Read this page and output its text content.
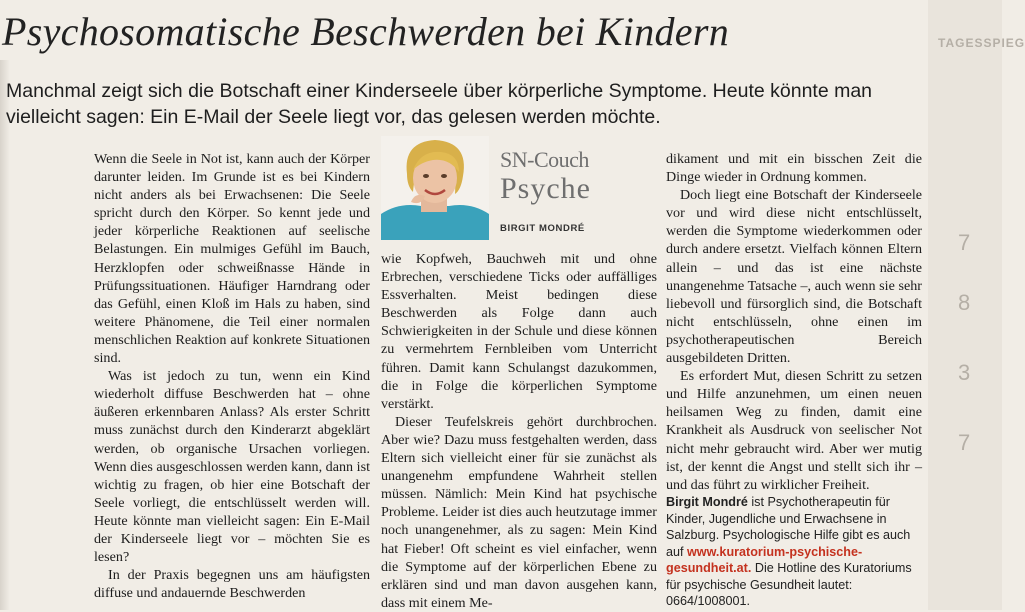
TAGESSPIEG
7
8
3
7
Psychosomatische Beschwerden bei Kindern

Manchmal zeigt sich die Botschaft einer Kinderseele über körperliche Symptome. Heute könnte man vielleicht sagen: Ein E-Mail der Seele liegt vor, das gelesen werden möchte.

Wenn die Seele in Not ist, kann auch der Körper darunter leiden. Im Grunde ist es bei Kindern nicht anders als bei Erwachsenen: Die Seele spricht durch den Körper. So kennt jede und jeder körperliche Reaktionen auf seelische Belastungen. Ein mulmiges Gefühl im Bauch, Herzklopfen oder schweißnasse Hände in Prüfungssituationen. Häufiger Harndrang oder das Gefühl, einen Kloß im Hals zu haben, sind weitere Phänomene, die Teil einer normalen menschlichen Reaktion auf konkrete Situationen sind.

Was ist jedoch zu tun, wenn ein Kind wiederholt diffuse Beschwerden hat – ohne äußeren erkennbaren Anlass? Als erster Schritt muss zunächst durch den Kinderarzt abgeklärt werden, ob organische Ursachen vorliegen. Wenn dies ausgeschlossen werden kann, dann ist wichtig zu fragen, ob hier eine Botschaft der Seele vorliegt, die entschlüsselt werden will. Heute könnte man vielleicht sagen: Ein E-Mail der Kinderseele liegt vor – möchten Sie es lesen?

In der Praxis begegnen uns am häufigsten diffuse und andauernde Beschwerden

SN-Couch
Psyche
BIRGIT MONDRÉ

wie Kopfweh, Bauchweh mit und ohne Erbrechen, verschiedene Ticks oder auffälliges Essverhalten. Meist bedingen diese Beschwerden als Folge dann auch Schwierigkeiten in der Schule und diese können zu vermehrtem Fernbleiben vom Unterricht führen. Damit kann Schulangst dazukommen, die in Folge die körperlichen Symptome verstärkt.

Dieser Teufelskreis gehört durchbrochen. Aber wie? Dazu muss festgehalten werden, dass Eltern sich vielleicht einer für sie zunächst als unangenehm empfundene Wahrheit stellen müssen. Nämlich: Mein Kind hat psychische Probleme. Leider ist dies auch heutzutage immer noch unangenehmer, als zu sagen: Mein Kind hat Fieber! Oft scheint es viel einfacher, wenn die Symptome auf der körperlichen Ebene zu erklären sind und man davon ausgehen kann, dass mit einem Me-

dikament und mit ein bisschen Zeit die Dinge wieder in Ordnung kommen.

Doch liegt eine Botschaft der Kinderseele vor und wird diese nicht entschlüsselt, werden die Symptome wiederkommen oder durch andere ersetzt. Vielfach können Eltern allein – und das ist eine nächste unangenehme Tatsache –, auch wenn sie sehr liebevoll und fürsorglich sind, die Botschaft nicht entschlüsseln, ohne einen im psychotherapeutischen Bereich ausgebildeten Dritten.

Es erfordert Mut, diesen Schritt zu setzen und Hilfe anzunehmen, um einen neuen heilsamen Weg zu finden, damit eine Krankheit als Ausdruck von seelischer Not nicht mehr gebraucht wird. Aber wer mutig ist, der kennt die Angst und stellt sich ihr – und das führt zu wirklicher Freiheit.

Birgit Mondré ist Psychotherapeutin für Kinder, Jugendliche und Erwachsene in Salzburg. Psychologische Hilfe gibt es auch auf www.kuratorium-psychische-gesundheit.at. Die Hotline des Kuratoriums für psychische Gesundheit lautet: 0664/1008001.
